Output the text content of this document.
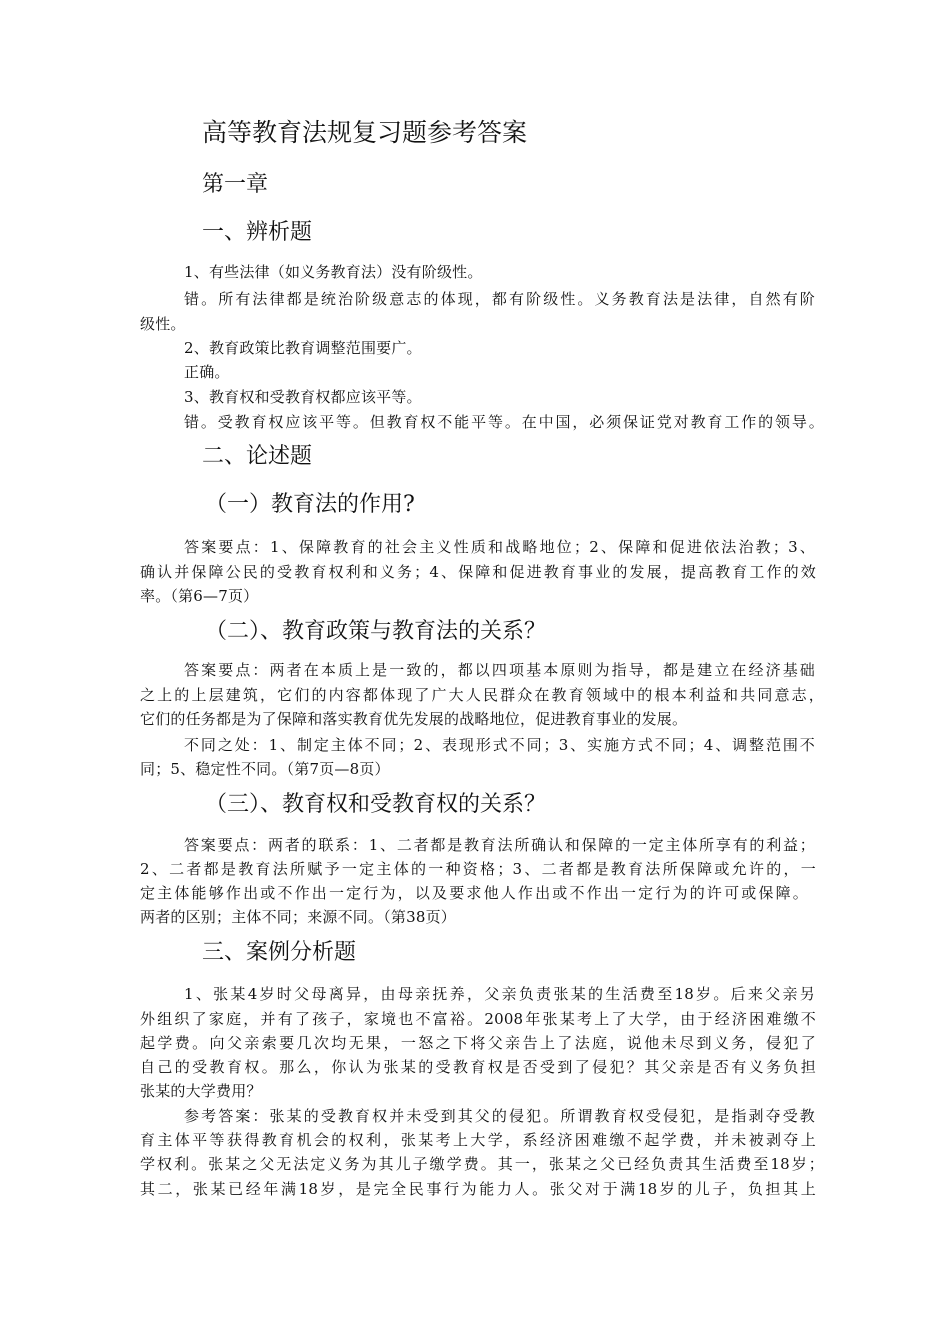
高等教育法规复习题参考答案
第一章
一、辨析题
1、有些法律（如义务教育法）没有阶级性。
错。所有法律都是统治阶级意志的体现，都有阶级性。义务教育法是法律，自然有阶
级性。
2、教育政策比教育调整范围要广。
正确。
3、教育权和受教育权都应该平等。
错。受教育权应该平等。但教育权不能平等。在中国，必须保证党对教育工作的领导。
二、论述题
（一）教育法的作用?
答案要点：1、保障教育的社会主义性质和战略地位；2、保障和促进依法治教；3、
确认并保障公民的受教育权利和义务；4、保障和促进教育事业的发展，提高教育工作的效
率。（第6—7页）
（二）、教育政策与教育法的关系？
答案要点：两者在本质上是一致的，都以四项基本原则为指导，都是建立在经济基础
之上的上层建筑，它们的内容都体现了广大人民群众在教育领域中的根本利益和共同意志，
它们的任务都是为了保障和落实教育优先发展的战略地位，促进教育事业的发展。
不同之处：1、制定主体不同；2、表现形式不同；3、实施方式不同；4、调整范围不
同；5、稳定性不同。（第7页—8页）
（三）、教育权和受教育权的关系？
答案要点：两者的联系：1、二者都是教育法所确认和保障的一定主体所享有的利益；
2、二者都是教育法所赋予一定主体的一种资格；3、二者都是教育法所保障或允许的，一
定主体能够作出或不作出一定行为，以及要求他人作出或不作出一定行为的许可或保障。
两者的区别；主体不同；来源不同。（第38页）
三、案例分析题
1、张某4岁时父母离异，由母亲抚养，父亲负责张某的生活费至18岁。后来父亲另
外组织了家庭，并有了孩子，家境也不富裕。2008年张某考上了大学，由于经济困难缴不
起学费。向父亲索要几次均无果，一怒之下将父亲告上了法庭，说他未尽到义务，侵犯了
自己的受教育权。那么，你认为张某的受教育权是否受到了侵犯？其父亲是否有义务负担
张某的大学费用？
参考答案：张某的受教育权并未受到其父的侵犯。所谓教育权受侵犯，是指剥夺受教
育主体平等获得教育机会的权利，张某考上大学，系经济困难缴不起学费，并未被剥夺上
学权利。张某之父无法定义务为其儿子缴学费。其一，张某之父已经负责其生活费至18岁；
其二，张某已经年满18岁，是完全民事行为能力人。张父对于满18岁的儿子，负担其上
